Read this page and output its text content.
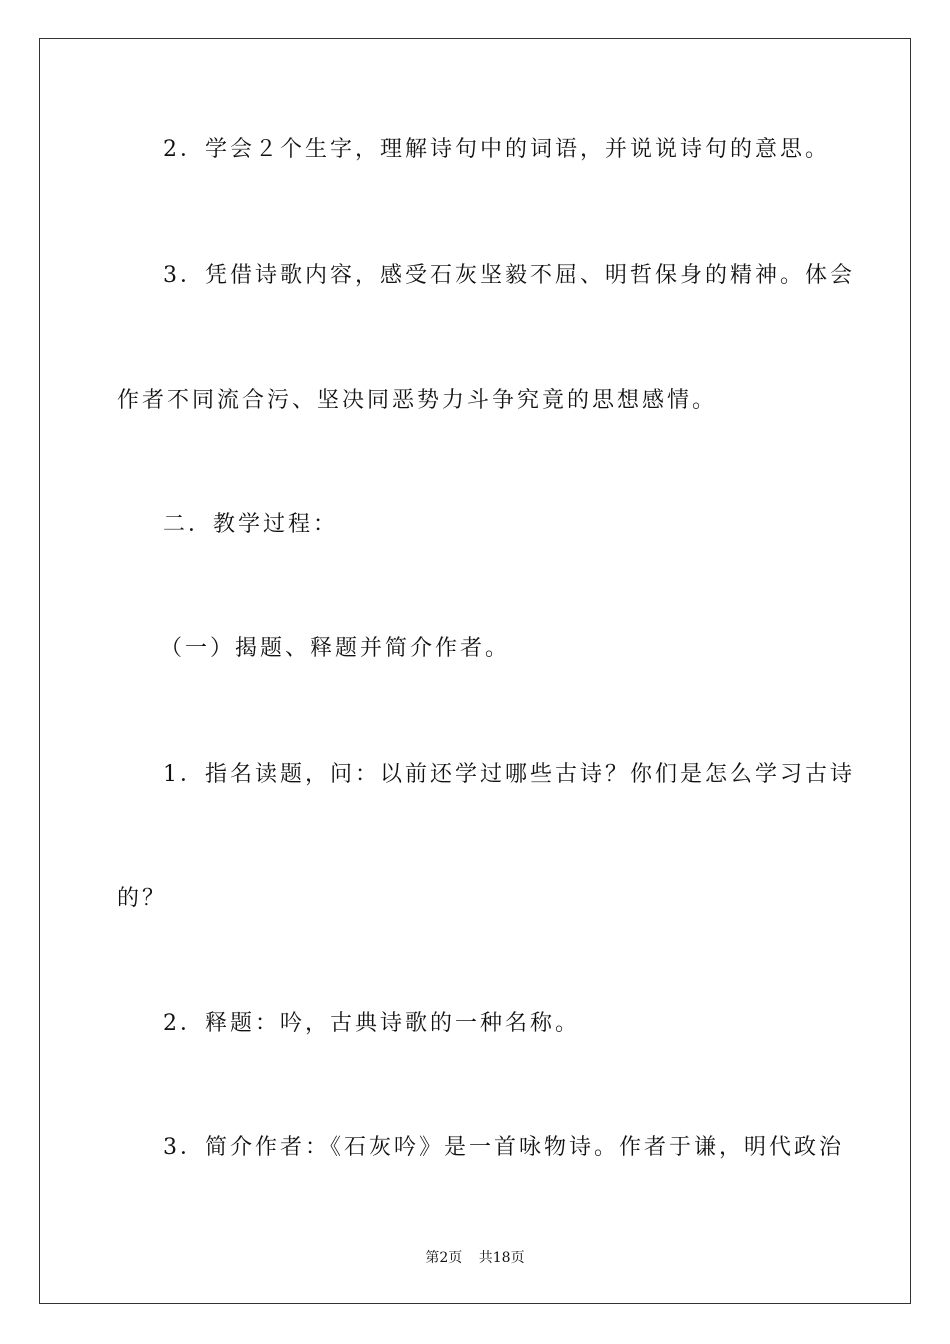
2．学会２个生字，理解诗句中的词语，并说说诗句的意思。
3．凭借诗歌内容，感受石灰坚毅不屈、明哲保身的精神。体会
作者不同流合污、坚决同恶势力斗争究竟的思想感情。
二．教学过程：
（一）揭题、释题并简介作者。
1．指名读题，问：以前还学过哪些古诗？你们是怎么学习古诗
的？
2．释题：吟，古典诗歌的一种名称。
3．简介作者：《石灰吟》是一首咏物诗。作者于谦，明代政治
第2页 共18页
